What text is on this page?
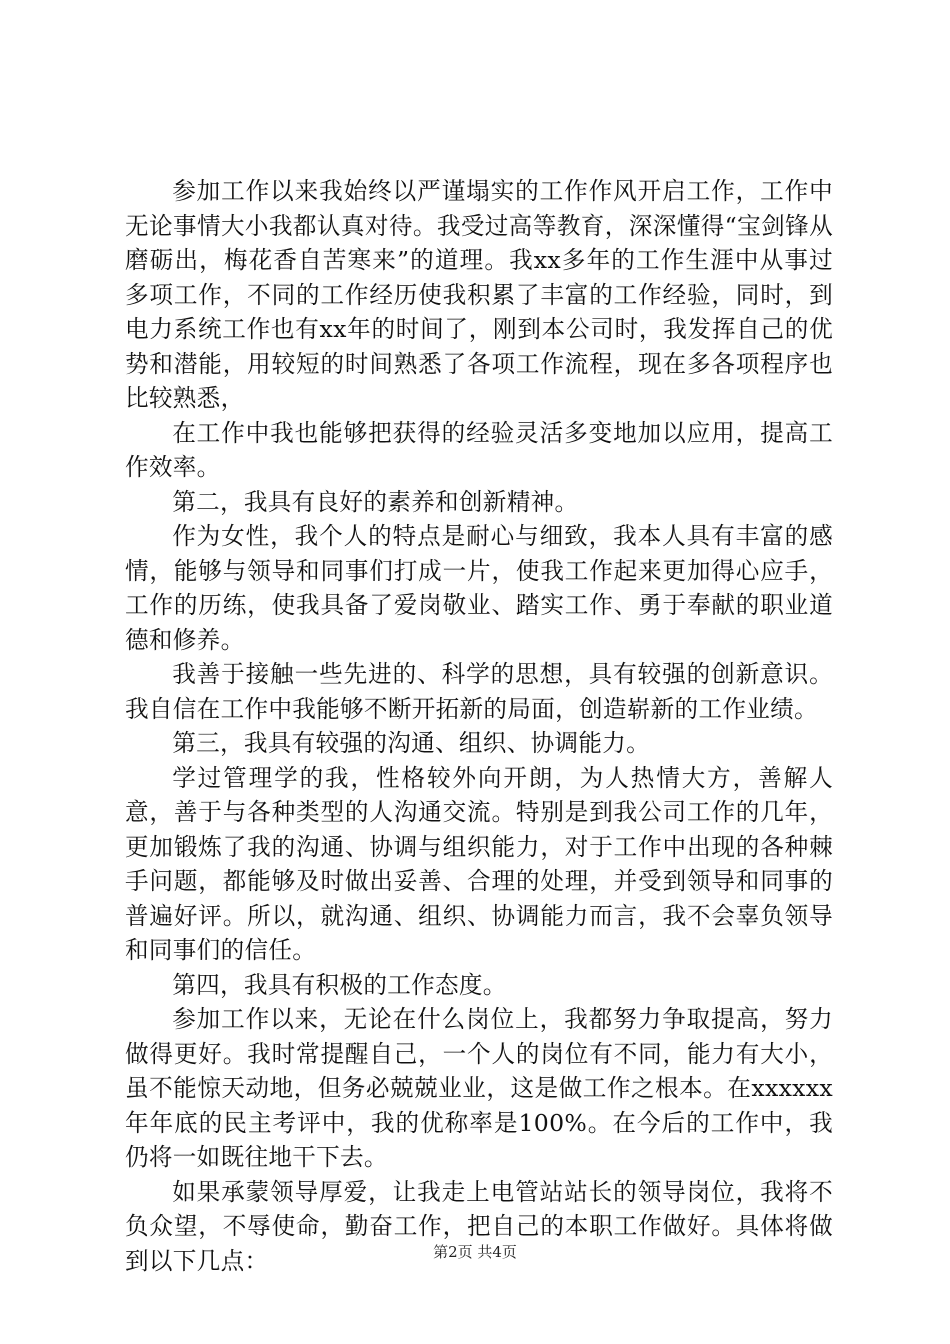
参加工作以来我始终以严谨塌实的工作作风开启工作，工作中无论事情大小我都认真对待。我受过高等教育，深深懂得“宝剑锋从磨砺出，梅花香自苦寒来”的道理。我xx多年的工作生涯中从事过多项工作，不同的工作经历使我积累了丰富的工作经验，同时，到电力系统工作也有xx年的时间了，刚到本公司时，我发挥自己的优势和潜能，用较短的时间熟悉了各项工作流程，现在多各项程序也比较熟悉，

在工作中我也能够把获得的经验灵活多变地加以应用，提高工作效率。

第二，我具有良好的素养和创新精神。

作为女性，我个人的特点是耐心与细致，我本人具有丰富的感情，能够与领导和同事们打成一片，使我工作起来更加得心应手，工作的历练，使我具备了爱岗敬业、踏实工作、勇于奉献的职业道德和修养。

我善于接触一些先进的、科学的思想，具有较强的创新意识。我自信在工作中我能够不断开拓新的局面，创造崭新的工作业绩。

第三，我具有较强的沟通、组织、协调能力。

学过管理学的我，性格较外向开朗，为人热情大方，善解人意，善于与各种类型的人沟通交流。特别是到我公司工作的几年，更加锻炼了我的沟通、协调与组织能力，对于工作中出现的各种棘手问题，都能够及时做出妥善、合理的处理，并受到领导和同事的普遍好评。所以，就沟通、组织、协调能力而言，我不会辜负领导和同事们的信任。

第四，我具有积极的工作态度。

参加工作以来，无论在什么岗位上，我都努力争取提高，努力做得更好。我时常提醒自己，一个人的岗位有不同，能力有大小，虽不能惊天动地，但务必兢兢业业，这是做工作之根本。在xxxxxx年年底的民主考评中，我的优称率是100%。在今后的工作中，我仍将一如既往地干下去。

如果承蒙领导厚爱，让我走上电管站站长的领导岗位，我将不负众望，不辱使命，勤奋工作，把自己的本职工作做好。具体将做到以下几点：	第2页 共4页
